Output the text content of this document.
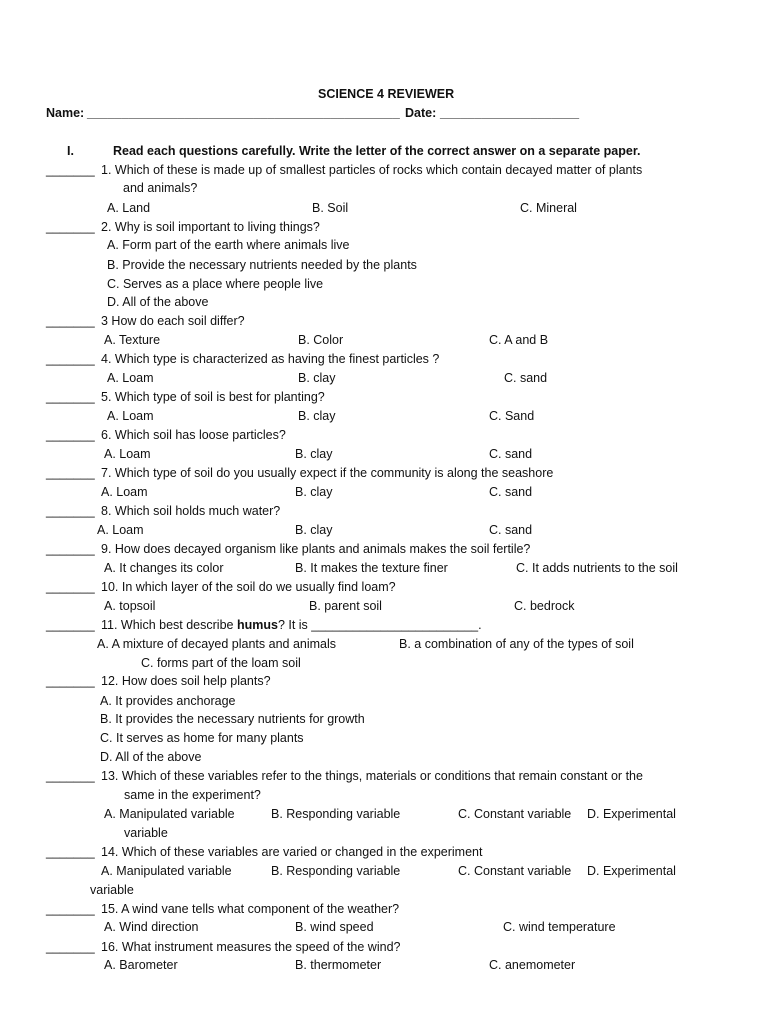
SCIENCE 4 REVIEWER
Name: _____________________________________________ Date: ____________________
I.	Read each questions carefully. Write the letter of the correct answer on a separate paper.
_______ 1. Which of these is made up of smallest particles of rocks which contain decayed matter of plants
and animals?
A. Land	B. Soil	C. Mineral
_______ 2. Why is soil important to living things?
A. Form part of the earth where animals live
B. Provide the necessary nutrients needed by the plants
C. Serves as a place where people live
D. All of the above
_______ 3 How do each soil differ?
A. Texture	B. Color	C. A and B
_______ 4. Which type is characterized as having the finest particles ?
A. Loam	B. clay	C. sand
_______ 5. Which type of soil is best for planting?
A. Loam	B. clay	C. Sand
_______ 6. Which soil has loose particles?
A. Loam	B. clay	C. sand
_______ 7. Which type of soil do you usually expect if the community is along the seashore
A. Loam	B. clay	C. sand
_______ 8. Which soil holds much water?
A. Loam	B. clay	C. sand
_______ 9. How does decayed organism like plants and animals makes the soil fertile?
A. It changes its color	B. It makes the texture finer	C. It adds nutrients to the soil
_______ 10. In which layer of the soil do we usually find loam?
A. topsoil	B. parent soil	C. bedrock
_______ 11. Which best describe humus? It is ________________________.
A. A mixture of decayed plants and animals	B. a combination of any of the types of soil
C. forms part of the loam soil
_______ 12. How does soil help plants?
A. It provides anchorage
B. It provides the necessary nutrients for growth
C. It serves as home for many plants
D. All of the above
_______ 13. Which of these variables refer to the things, materials or conditions that remain constant or the
same in the experiment?
A. Manipulated variable	B. Responding variable	C. Constant variable D. Experimental
variable
_______ 14. Which of these variables are varied or changed in the experiment
A. Manipulated variable	B. Responding variable	C. Constant variable D. Experimental
variable
_______ 15. A wind vane tells what component of the weather?
A. Wind direction	B. wind speed	C. wind temperature
_______ 16. What instrument measures the speed of the wind?
A. Barometer	B. thermometer	C. anemometer
